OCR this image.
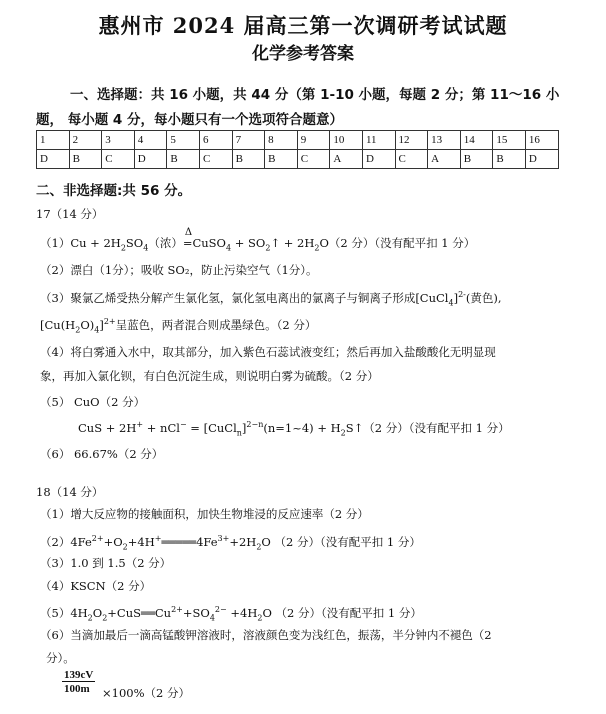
惠州市 2024 届高三第一次调研考试试题
化学参考答案
一、选择题：共 16 小题，共 44 分（第 1-10 小题，每题 2 分；第 11～16 小
题， 每小题 4 分，每小题只有一个选项符合题意）
1	2	3	4	5	6	7	8	9	10	11	12	13	14	15	16
D	B	C	D	B	C	B	B	C	A	D	C	A	B	B	D
二、非选择题:共 56 分。
17（14 分）
$(1)Cu + 2H_2SO_4$（浓）
Δ
=CuSO$_4$ + $SO_2↑ + 2H_2O(2$ 分）（没有配平扣 1 分）
（2）漂白（1分）；吸收 SO₂，防止污染空气（1分）。
（3）聚氯乙烯受热分解产生氯化氢，氯化氢电离出的氯离子与铜离子形成[CuCl$_4$]$^{2-}$(黄色),
$[Cu(H_2O)_4]^{2+}$呈蓝色，两者混合则成墨绿色。（2 分）
（4）将白雾通入水中，取其部分，加入紫色石蕊试液变红；然后再加入盐酸酸化无明显现
象，再加入氯化钡，有白色沉淀生成，则说明白雾为硫酸。（2 分）
（5） CuO（2 分）
CuS + 2H+ + nCl− = [CuCl$_n$]$^{2-n}$(n=1~4) + $H_2S↑(2$ 分）（没有配平扣 1 分）
（6） 66.67%（2 分）
18（14 分）
（1）增大反应物的接触面积，加快生物堆浸的反应速率（2 分）
$(2)4Fe^{2+}+O_2+4H^+═════4Fe^{3+}+2H_2O$ （2 分）（没有配平扣 1 分）
（3）1.0 到 1.5（2 分）
（4）KSCN（2 分）
$(5)4H_2O_2+CuS══Cu^{2+}+SO_4^{2-} +4H_2O$ （2 分）（没有配平扣 1 分）
（6）当滴加最后一滴高锰酸钾溶液时，溶液颜色变为浅红色，振荡，半分钟内不褪色（2
分）。
$\frac{139cV}{100m} \times 100\%(2$ 分）
